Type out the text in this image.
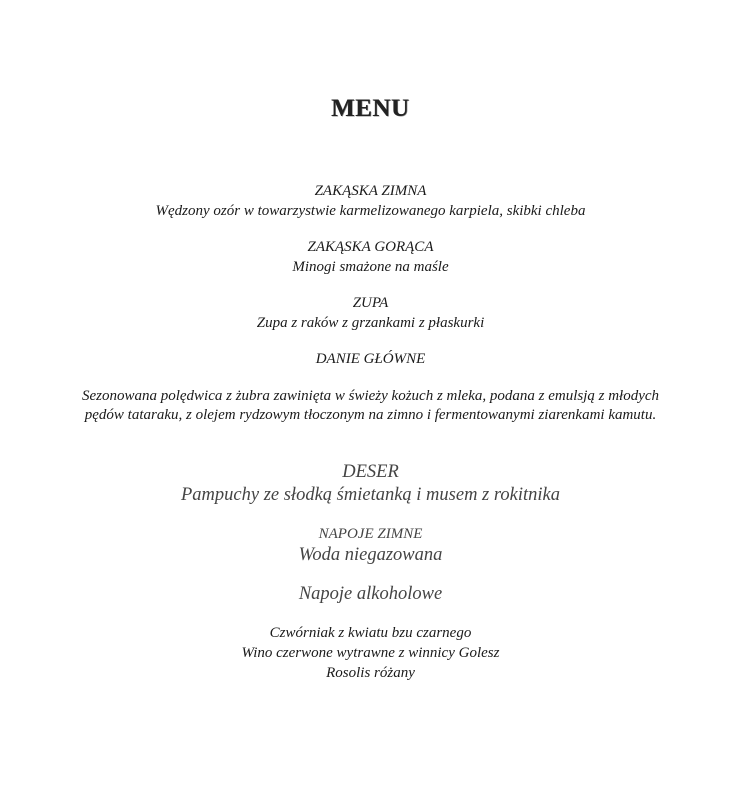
MENU
ZAKĄSKA ZIMNA
Wędzony ozór w towarzystwie karmelizowanego karpiela, skibki chleba
ZAKĄSKA GORĄCA
Minogi smażone na maśle
ZUPA
Zupa z raków z grzankami z płaskurki
DANIE GŁÓWNE
Sezonowana polędwica z żubra zawinięta w świeży kożuch z mleka, podana z emulsją z młodych pędów tataraku, z olejem rydzowym tłoczonym na zimno i fermentowanymi ziarenkami kamutu.
DESER
Pampuchy ze słodką śmietanką i musem z rokitnika
NAPOJE ZIMNE
Woda niegazowana
Napoje alkoholowe
Czwórniak z kwiatu bzu czarnego
Wino czerwone wytrawne z winnicy Golesz
Rosolis różany
